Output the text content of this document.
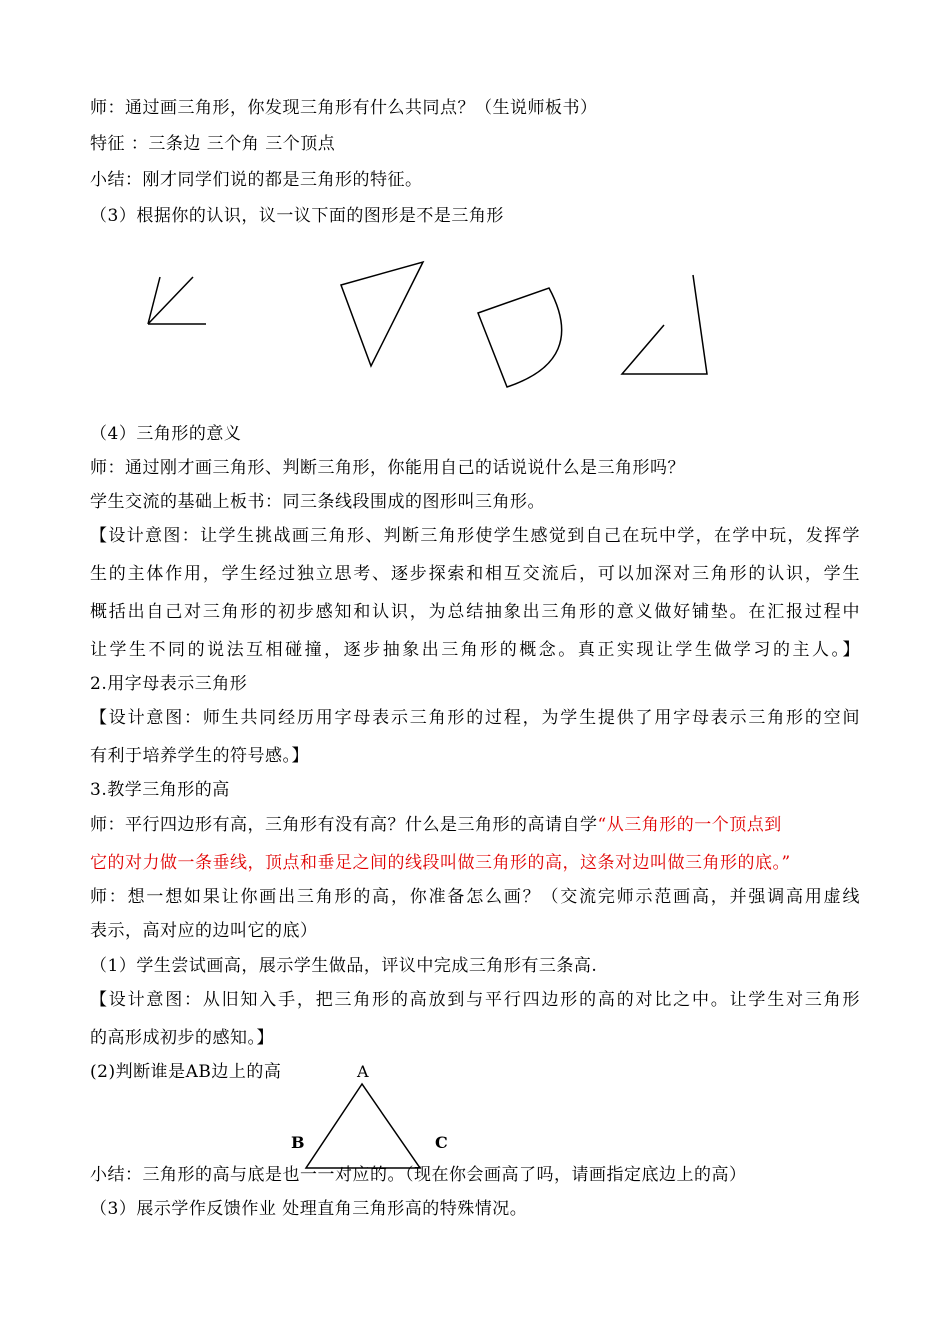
师：通过画三角形，你发现三角形有什么共同点？（生说师板书）
特征 ：三条边 三个角 三个顶点
小结：刚才同学们说的都是三角形的特征。
（3）根据你的认识，议一议下面的图形是不是三角形
（4）三角形的意义
师：通过刚才画三角形、判断三角形，你能用自己的话说说什么是三角形吗？
学生交流的基础上板书：同三条线段围成的图形叫三角形。
【设计意图：让学生挑战画三角形、判断三角形使学生感觉到自己在玩中学，在学中玩，发挥学
生的主体作用，学生经过独立思考、逐步探索和相互交流后，可以加深对三角形的认识，学生
概括出自己对三角形的初步感知和认识，为总结抽象出三角形的意义做好铺垫。在汇报过程中
让学生不同的说法互相碰撞，逐步抽象出三角形的概念。真正实现让学生做学习的主人。】
2.用字母表示三角形
【设计意图：师生共同经历用字母表示三角形的过程，为学生提供了用字母表示三角形的空间
有利于培养学生的符号感。】
3.教学三角形的高
师：平行四边形有高，三角形有没有高？什么是三角形的高请自学“从三角形的一个顶点到
它的对力做一条垂线，顶点和垂足之间的线段叫做三角形的高，这条对边叫做三角形的底。”
师：想一想如果让你画出三角形的高，你准备怎么画？（交流完师示范画高，并强调高用虚线
表示，高对应的边叫它的底）
（1）学生尝试画高，展示学生做品，评议中完成三角形有三条高.
【设计意图：从旧知入手，把三角形的高放到与平行四边形的高的对比之中。让学生对三角形
的高形成初步的感知。】
(2)判断谁是AB边上的高	A
B	C
小结：三角形的高与底是也一一对应的。（现在你会画高了吗，请画指定底边上的高）
（3）展示学作反馈作业 处理直角三角形高的特殊情况。
